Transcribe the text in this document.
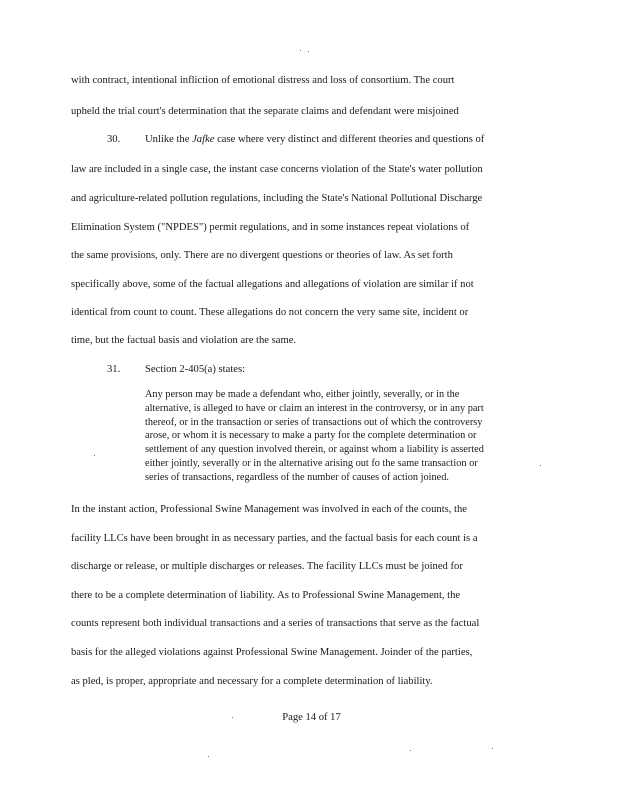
with contract, intentional infliction of emotional distress and loss of consortium. The court
upheld the trial court's determination that the separate claims and defendant were misjoined
30. Unlike the Jafke case where very distinct and different theories and questions of
law are included in a single case, the instant case concerns violation of the State's water pollution
and agriculture-related pollution regulations, including the State's National Pollutional Discharge
Elimination System ("NPDES") permit regulations, and in some instances repeat violations of
the same provisions, only. There are no divergent questions or theories of law. As set forth
specifically above, some of the factual allegations and allegations of violation are similar if not
identical from count to count. These allegations do not concern the very same site, incident or
time, but the factual basis and violation are the same.
31. Section 2-405(a) states:
Any person may be made a defendant who, either jointly, severally, or in the
alternative, is alleged to have or claim an interest in the controversy, or in any part
thereof, or in the transaction or series of transactions out of which the controversy
arose, or whom it is necessary to make a party for the complete determination or
settlement of any question involved therein, or against whom a liability is asserted
either jointly, severally or in the alternative arising out fo the same transaction or
series of transactions, regardless of the number of causes of action joined.
In the instant action, Professional Swine Management was involved in each of the counts, the
facility LLCs have been brought in as necessary parties, and the factual basis for each count is a
discharge or release, or multiple discharges or releases. The facility LLCs must be joined for
there to be a complete determination of liability. As to Professional Swine Management, the
counts represent both individual transactions and a series of transactions that serve as the factual
basis for the alleged violations against Professional Swine Management. Joinder of the parties,
as pled, is proper, appropriate and necessary for a complete determination of liability.
Page 14 of 17
